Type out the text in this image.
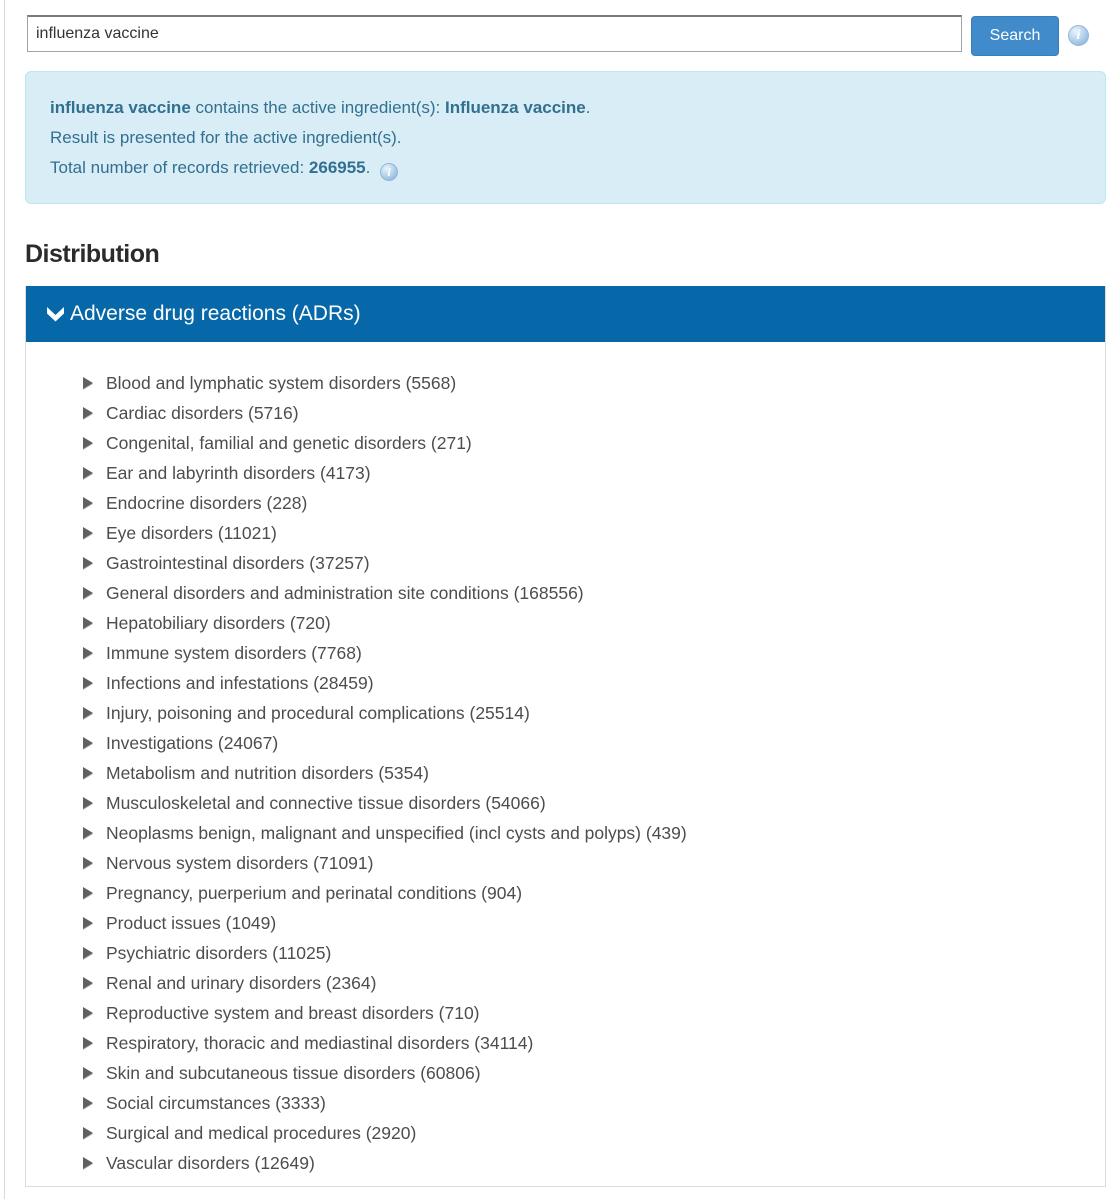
influenza vaccine
Search	i
influenza vaccine contains the active ingredient(s): Influenza vaccine.
Result is presented for the active ingredient(s).
Total number of records retrieved: 266955. i
Distribution
Adverse drug reactions (ADRs)
Blood and lymphatic system disorders (5568)
Cardiac disorders (5716)
Congenital, familial and genetic disorders (271)
Ear and labyrinth disorders (4173)
Endocrine disorders (228)
Eye disorders (11021)
Gastrointestinal disorders (37257)
General disorders and administration site conditions (168556)
Hepatobiliary disorders (720)
Immune system disorders (7768)
Infections and infestations (28459)
Injury, poisoning and procedural complications (25514)
Investigations (24067)
Metabolism and nutrition disorders (5354)
Musculoskeletal and connective tissue disorders (54066)
Neoplasms benign, malignant and unspecified (incl cysts and polyps) (439)
Nervous system disorders (71091)
Pregnancy, puerperium and perinatal conditions (904)
Product issues (1049)
Psychiatric disorders (11025)
Renal and urinary disorders (2364)
Reproductive system and breast disorders (710)
Respiratory, thoracic and mediastinal disorders (34114)
Skin and subcutaneous tissue disorders (60806)
Social circumstances (3333)
Surgical and medical procedures (2920)
Vascular disorders (12649)
